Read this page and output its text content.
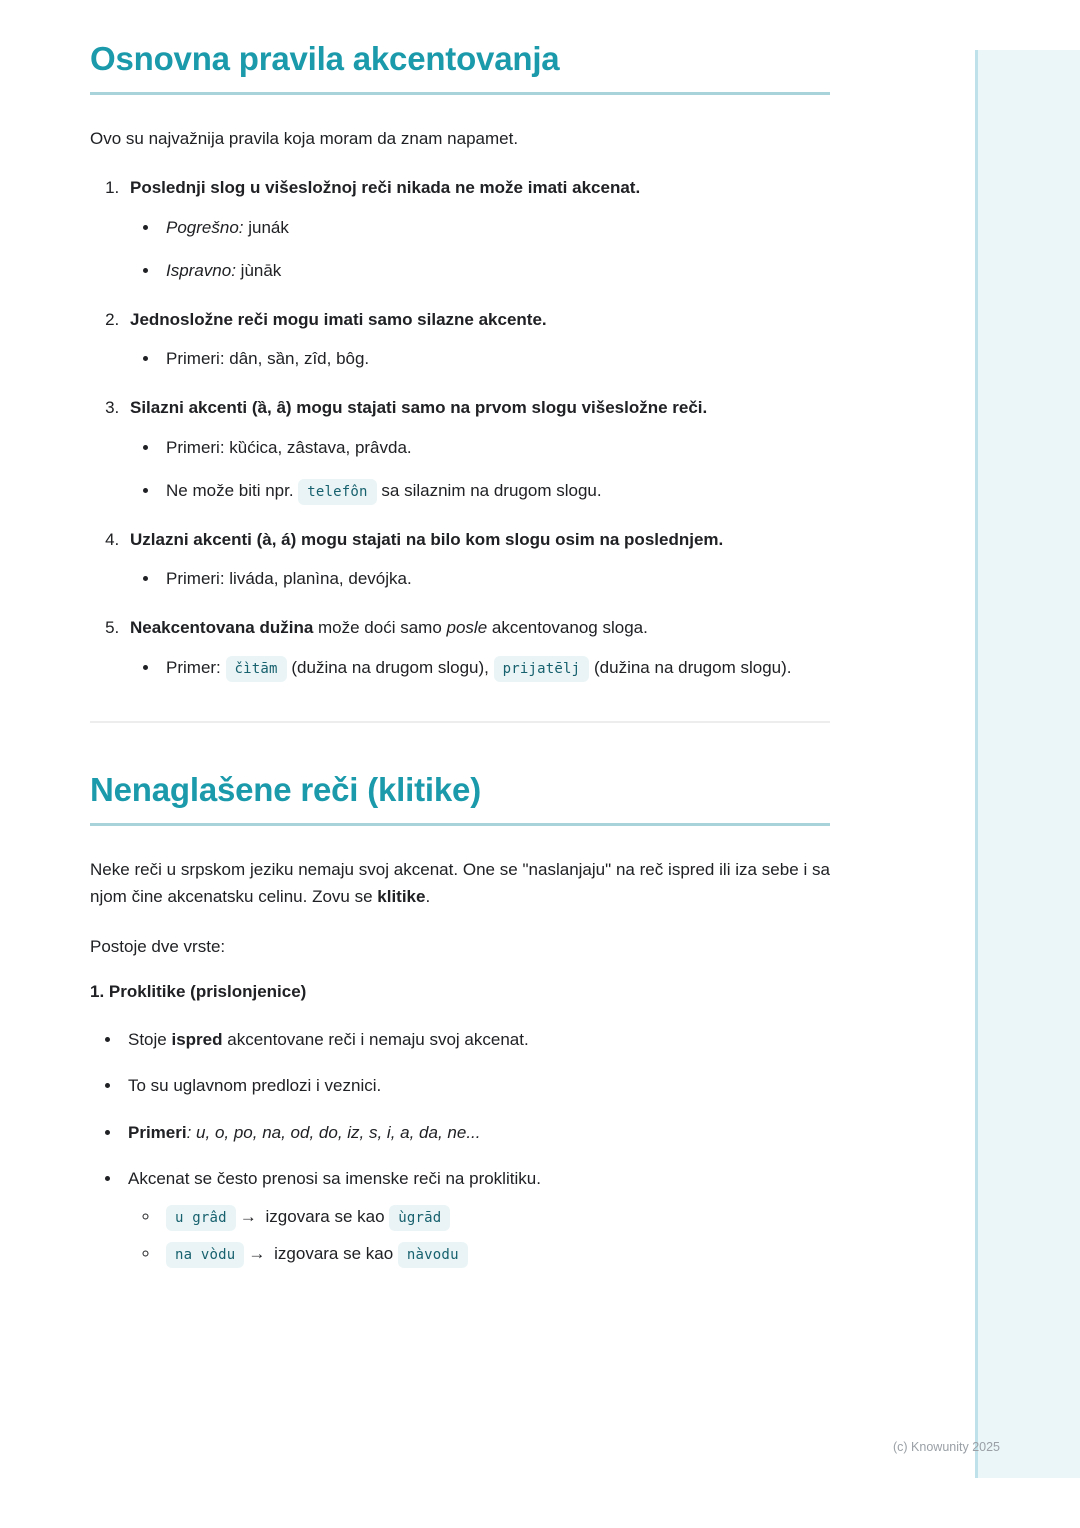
Osnovna pravila akcentovanja

Ovo su najvažnija pravila koja moram da znam napamet.

1. Poslednji slog u višesložnoj reči nikada ne može imati akcenat.
• Pogrešno: junák
• Ispravno: jùnāk
2. Jednosložne reči mogu imati samo silazne akcente.
• Primeri: dân, sȁn, zîd, bôg.
3. Silazni akcenti (ȁ, ȃ) mogu stajati samo na prvom slogu višesložne reči.
• Primeri: kȕćica, zâstava, prâvda.
• Ne može biti npr. telefôn sa silaznim na drugom slogu.
4. Uzlazni akcenti (à, á) mogu stajati na bilo kom slogu osim na poslednjem.
• Primeri: liváda, planìna, devójka.
5. Neakcentovana dužina može doći samo posle akcentovanog sloga.
• Primer: čìtām (dužina na drugom slogu), prijatēlj (dužina na drugom slogu).
Nenaglašene reči (klitike)

Neke reči u srpskom jeziku nemaju svoj akcenat. One se "naslanjaju" na reč ispred ili iza sebe i sa njom čine akcenatsku celinu. Zovu se klitike.

Postoje dve vrste:

1. Proklitike (prislonjenice)
• Stoje ispred akcentovane reči i nemaju svoj akcenat.
• To su uglavnom predlozi i veznici.
• Primeri: u, o, po, na, od, do, iz, s, i, a, da, ne...
• Akcenat se često prenosi sa imenske reči na proklitiku.
◦ u grâd → izgovara se kao ùgrād
◦ na vòdu → izgovara se kao nàvodu
(c) Knowunity 2025
